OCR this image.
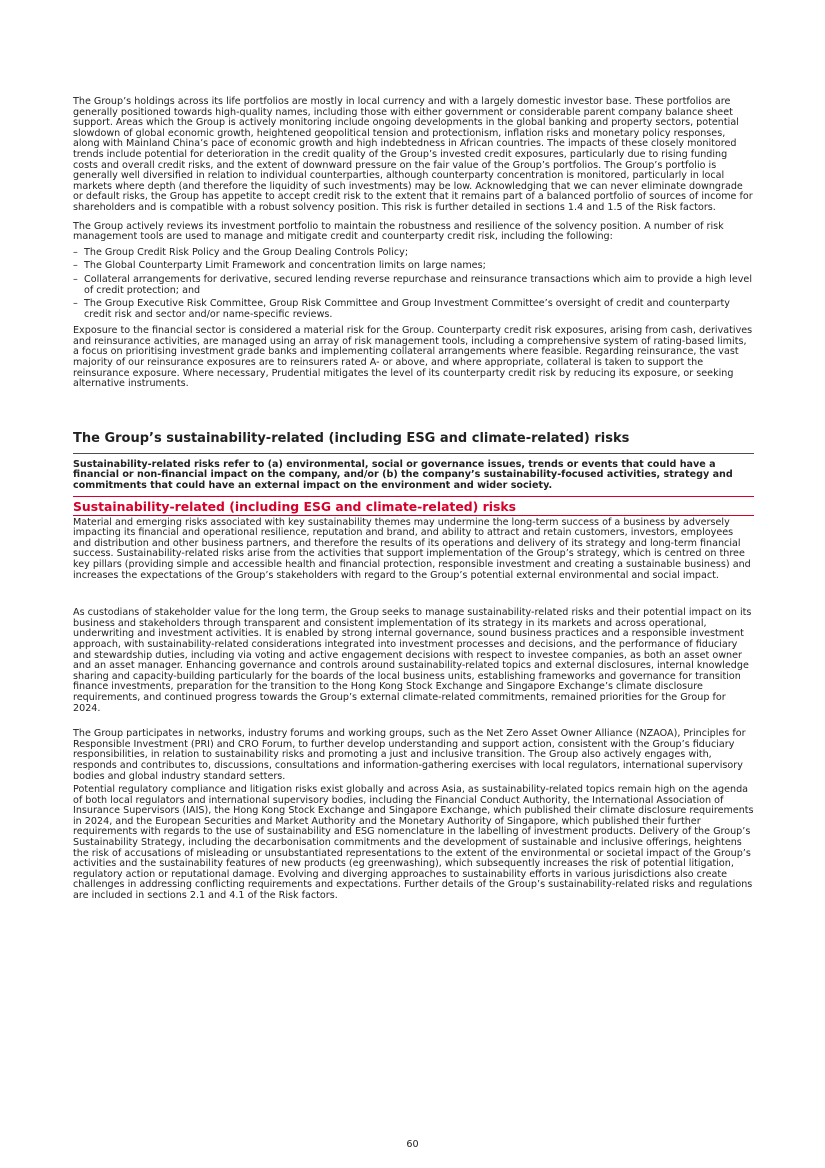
The Group’s holdings across its life portfolios are mostly in local currency and with a largely domestic investor base. These portfolios are generally positioned towards high-quality names, including those with either government or considerable parent company balance sheet support. Areas which the Group is actively monitoring include ongoing developments in the global banking and property sectors, potential slowdown of global economic growth, heightened geopolitical tension and protectionism, inflation risks and monetary policy responses, along with Mainland China’s pace of economic growth and high indebtedness in African countries. The impacts of these closely monitored trends include potential for deterioration in the credit quality of the Group’s invested credit exposures, particularly due to rising funding costs and overall credit risks, and the extent of downward pressure on the fair value of the Group’s portfolios. The Group’s portfolio is generally well diversified in relation to individual counterparties, although counterparty concentration is monitored, particularly in local markets where depth (and therefore the liquidity of such investments) may be low. Acknowledging that we can never eliminate downgrade or default risks, the Group has appetite to accept credit risk to the extent that it remains part of a balanced portfolio of sources of income for shareholders and is compatible with a robust solvency position. This risk is further detailed in sections 1.4 and 1.5 of the Risk factors.

The Group actively reviews its investment portfolio to maintain the robustness and resilience of the solvency position. A number of risk management tools are used to manage and mitigate credit and counterparty credit risk, including the following:

– The Group Credit Risk Policy and the Group Dealing Controls Policy;
– The Global Counterparty Limit Framework and concentration limits on large names;
– Collateral arrangements for derivative, secured lending reverse repurchase and reinsurance transactions which aim to provide a high level of credit protection; and
– The Group Executive Risk Committee, Group Risk Committee and Group Investment Committee’s oversight of credit and counterparty credit risk and sector and/or name-specific reviews.

Exposure to the financial sector is considered a material risk for the Group. Counterparty credit risk exposures, arising from cash, derivatives and reinsurance activities, are managed using an array of risk management tools, including a comprehensive system of rating-based limits, a focus on prioritising investment grade banks and implementing collateral arrangements where feasible. Regarding reinsurance, the vast majority of our reinsurance exposures are to reinsurers rated A- or above, and where appropriate, collateral is taken to support the reinsurance exposure. Where necessary, Prudential mitigates the level of its counterparty credit risk by reducing its exposure, or seeking alternative instruments.

The Group’s sustainability-related (including ESG and climate-related) risks

Sustainability-related risks refer to (a) environmental, social or governance issues, trends or events that could have a financial or non-financial impact on the company, and/or (b) the company’s sustainability-focused activities, strategy and commitments that could have an external impact on the environment and wider society.

Sustainability-related (including ESG and climate-related) risks

Material and emerging risks associated with key sustainability themes may undermine the long-term success of a business by adversely impacting its financial and operational resilience, reputation and brand, and ability to attract and retain customers, investors, employees and distribution and other business partners, and therefore the results of its operations and delivery of its strategy and long-term financial success. Sustainability-related risks arise from the activities that support implementation of the Group’s strategy, which is centred on three key pillars (providing simple and accessible health and financial protection, responsible investment and creating a sustainable business) and increases the expectations of the Group’s stakeholders with regard to the Group’s potential external environmental and social impact.

As custodians of stakeholder value for the long term, the Group seeks to manage sustainability-related risks and their potential impact on its business and stakeholders through transparent and consistent implementation of its strategy in its markets and across operational, underwriting and investment activities. It is enabled by strong internal governance, sound business practices and a responsible investment approach, with sustainability-related considerations integrated into investment processes and decisions, and the performance of fiduciary and stewardship duties, including via voting and active engagement decisions with respect to investee companies, as both an asset owner and an asset manager. Enhancing governance and controls around sustainability-related topics and external disclosures, internal knowledge sharing and capacity-building particularly for the boards of the local business units, establishing frameworks and governance for transition finance investments, preparation for the transition to the Hong Kong Stock Exchange and Singapore Exchange’s climate disclosure requirements, and continued progress towards the Group’s external climate-related commitments, remained priorities for the Group for 2024.

The Group participates in networks, industry forums and working groups, such as the Net Zero Asset Owner Alliance (NZAOA), Principles for Responsible Investment (PRI) and CRO Forum, to further develop understanding and support action, consistent with the Group’s fiduciary responsibilities, in relation to sustainability risks and promoting a just and inclusive transition. The Group also actively engages with, responds and contributes to, discussions, consultations and information-gathering exercises with local regulators, international supervisory bodies and global industry standard setters.

Potential regulatory compliance and litigation risks exist globally and across Asia, as sustainability-related topics remain high on the agenda of both local regulators and international supervisory bodies, including the Financial Conduct Authority, the International Association of Insurance Supervisors (IAIS), the Hong Kong Stock Exchange and Singapore Exchange, which published their climate disclosure requirements in 2024, and the European Securities and Market Authority and the Monetary Authority of Singapore, which published their further requirements with regards to the use of sustainability and ESG nomenclature in the labelling of investment products. Delivery of the Group’s Sustainability Strategy, including the decarbonisation commitments and the development of sustainable and inclusive offerings, heightens the risk of accusations of misleading or unsubstantiated representations to the extent of the environmental or societal impact of the Group’s activities and the sustainability features of new products (eg greenwashing), which subsequently increases the risk of potential litigation, regulatory action or reputational damage. Evolving and diverging approaches to sustainability efforts in various jurisdictions also create challenges in addressing conflicting requirements and expectations. Further details of the Group’s sustainability-related risks and regulations are included in sections 2.1 and 4.1 of the Risk factors.

60
